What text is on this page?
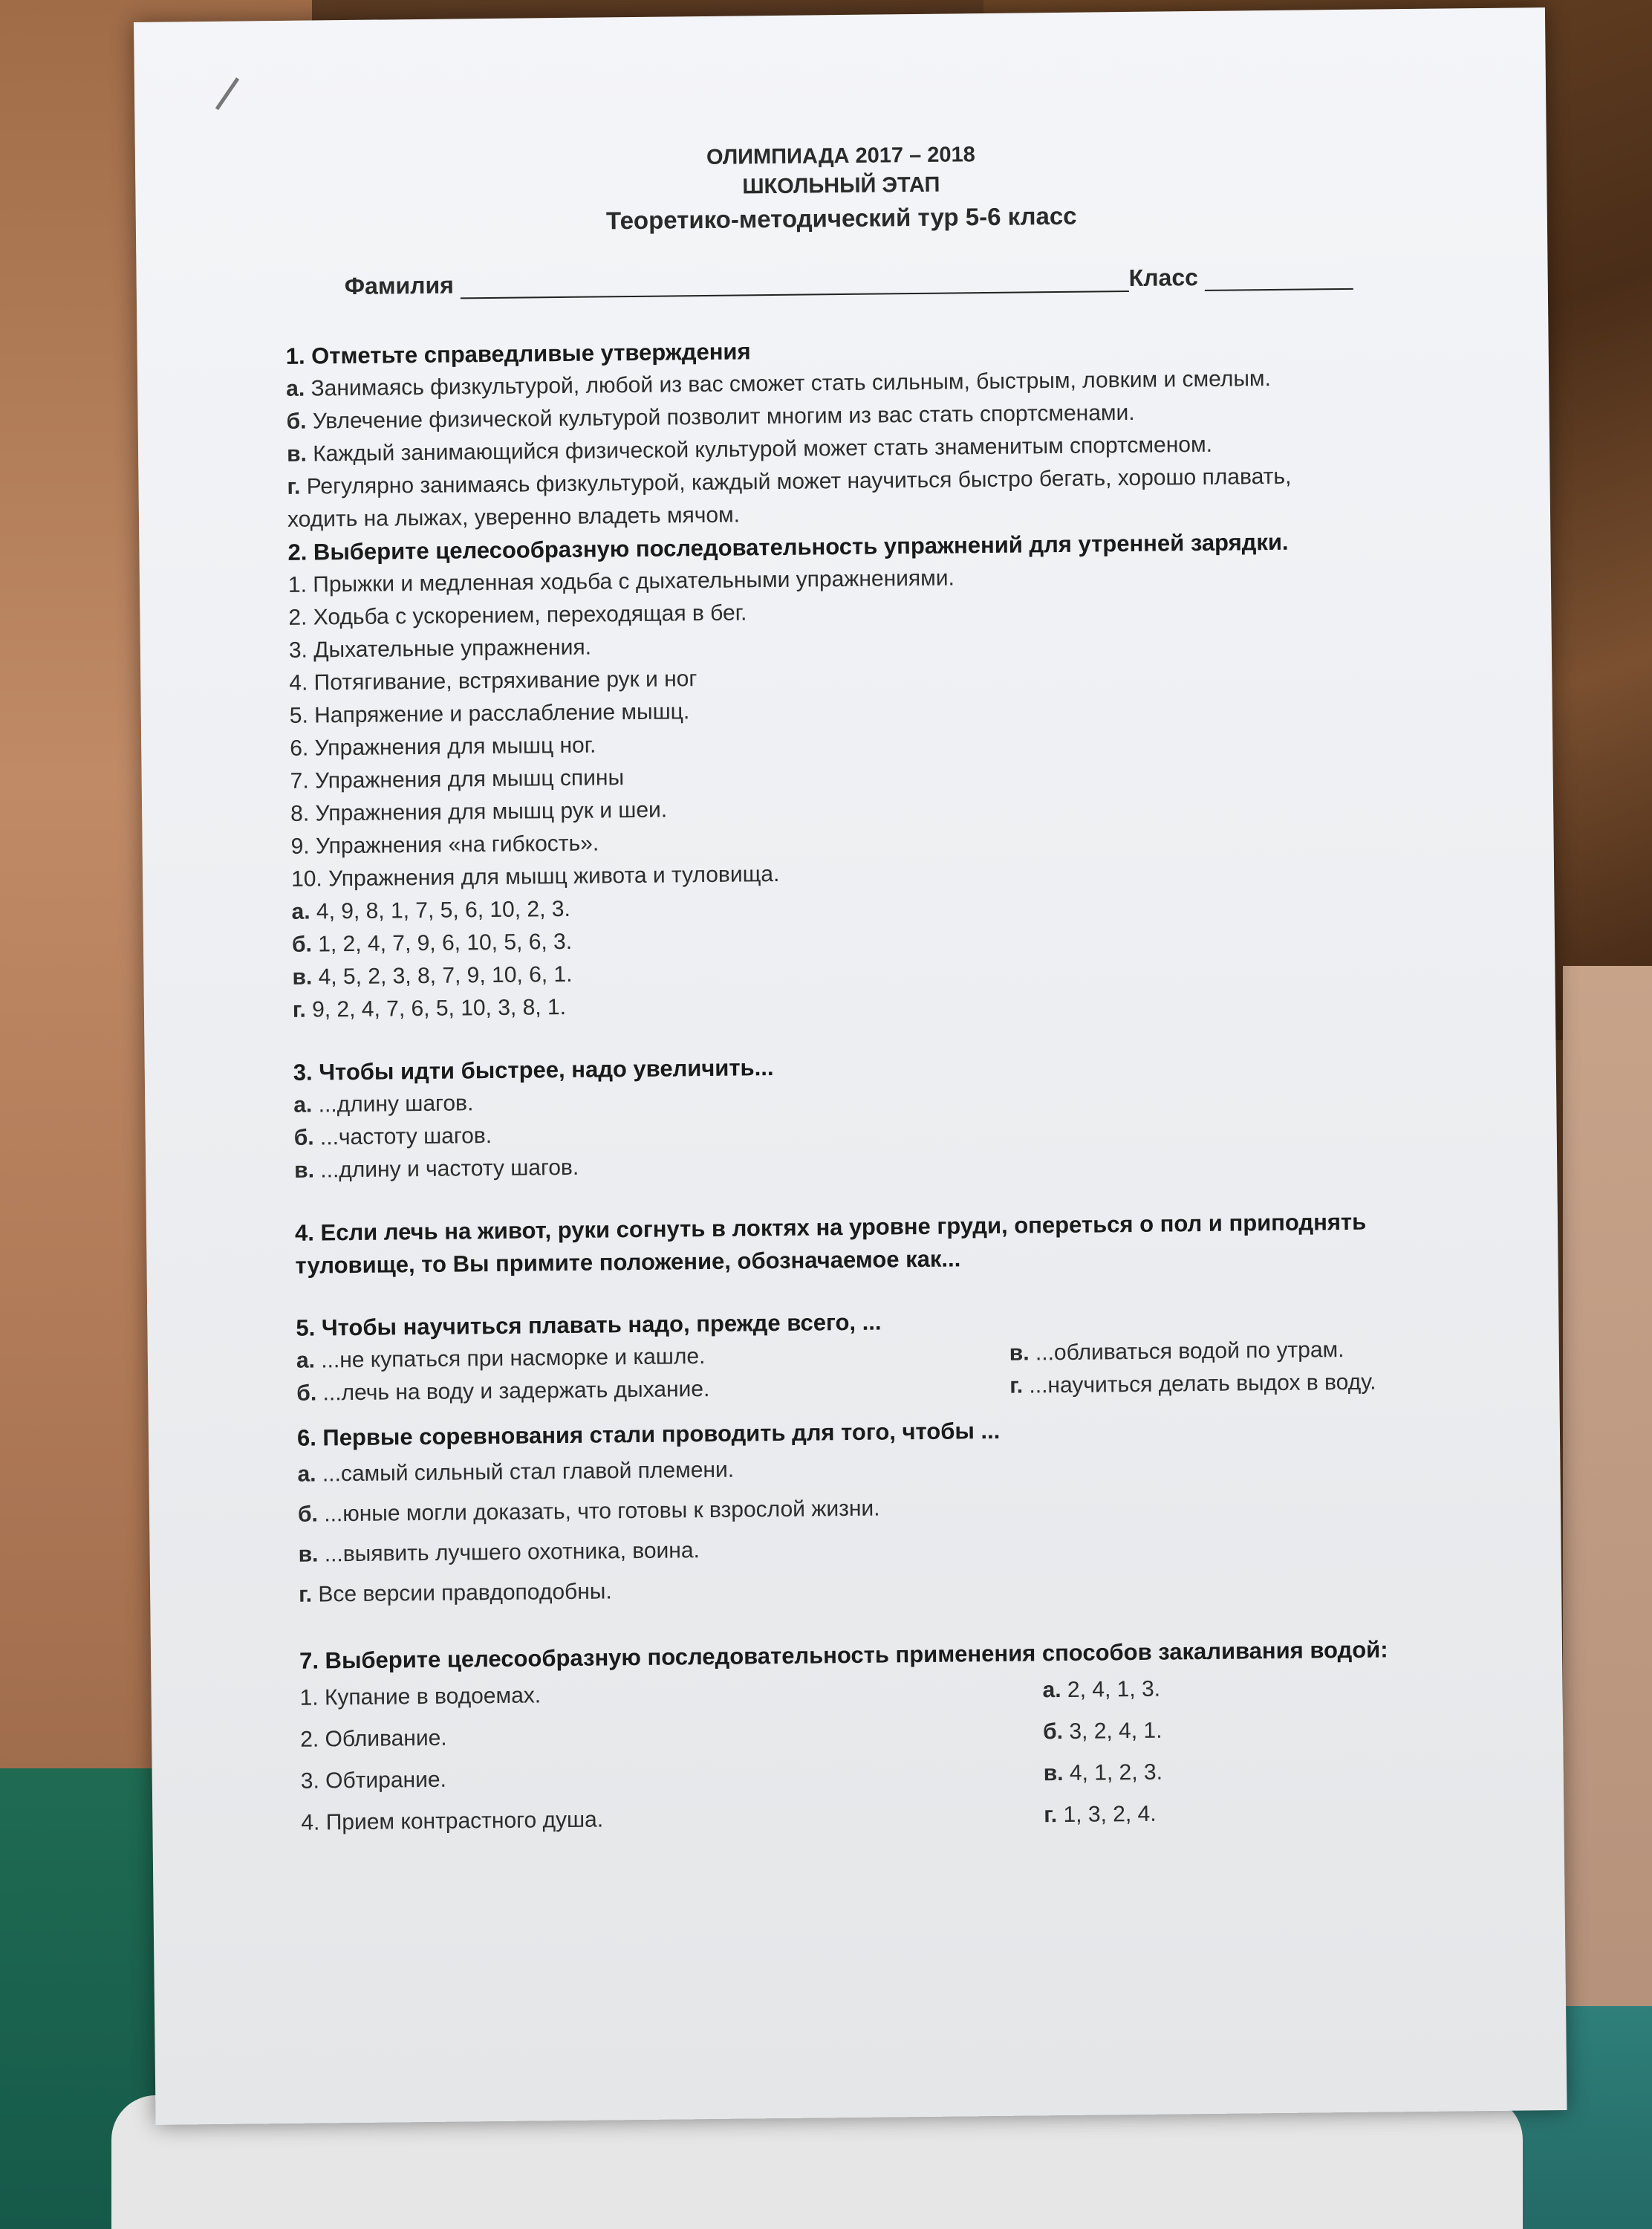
ОЛИМПИАДА 2017 – 2018
ШКОЛЬНЫЙ ЭТАП
Теоретико-методический тур 5-6 класс
Фамилия	Класс
1. Отметьте справедливые утверждения
а. Занимаясь физкультурой, любой из вас сможет стать сильным, быстрым, ловким и смелым.
б. Увлечение физической культурой позволит многим из вас стать спортсменами.
в. Каждый занимающийся физической культурой может стать знаменитым спортсменом.
г. Регулярно занимаясь физкультурой, каждый может научиться быстро бегать, хорошо плавать,
ходить на лыжах, уверенно владеть мячом.
2. Выберите целесообразную последовательность упражнений для утренней зарядки.
1. Прыжки и медленная ходьба с дыхательными упражнениями.
2. Ходьба с ускорением, переходящая в бег.
3. Дыхательные упражнения.
4. Потягивание, встряхивание рук и ног
5. Напряжение и расслабление мышц.
6. Упражнения для мышц ног.
7. Упражнения для мышц спины
8. Упражнения для мышц рук и шеи.
9. Упражнения «на гибкость».
10. Упражнения для мышц живота и туловища.
а. 4, 9, 8, 1, 7, 5, 6, 10, 2, 3.
б. 1, 2, 4, 7, 9, 6, 10, 5, 6, 3.
в. 4, 5, 2, 3, 8, 7, 9, 10, 6, 1.
г. 9, 2, 4, 7, 6, 5, 10, 3, 8, 1.
3. Чтобы идти быстрее, надо увеличить...
а. ...длину шагов.
б. ...частоту шагов.
в. ...длину и частоту шагов.
4. Если лечь на живот, руки согнуть в локтях на уровне груди, опереться о пол и приподнять
туловище, то Вы примите положение, обозначаемое как...
5. Чтобы научиться плавать надо, прежде всего, ...
а. ...не купаться при насморке и кашле.
б. ...лечь на воду и задержать дыхание.
в. ...обливаться водой по утрам.
г. ...научиться делать выдох в воду.
6. Первые соревнования стали проводить для того, чтобы ...
а. ...самый сильный стал главой племени.
б. ...юные могли доказать, что готовы к взрослой жизни.
в. ...выявить лучшего охотника, воина.
г. Все версии правдоподобны.
7. Выберите целесообразную последовательность применения способов закаливания водой:
1. Купание в водоемах.
2. Обливание.
3. Обтирание.
4. Прием контрастного душа.
а. 2, 4, 1, 3.
б. 3, 2, 4, 1.
в. 4, 1, 2, 3.
г. 1, 3, 2, 4.
